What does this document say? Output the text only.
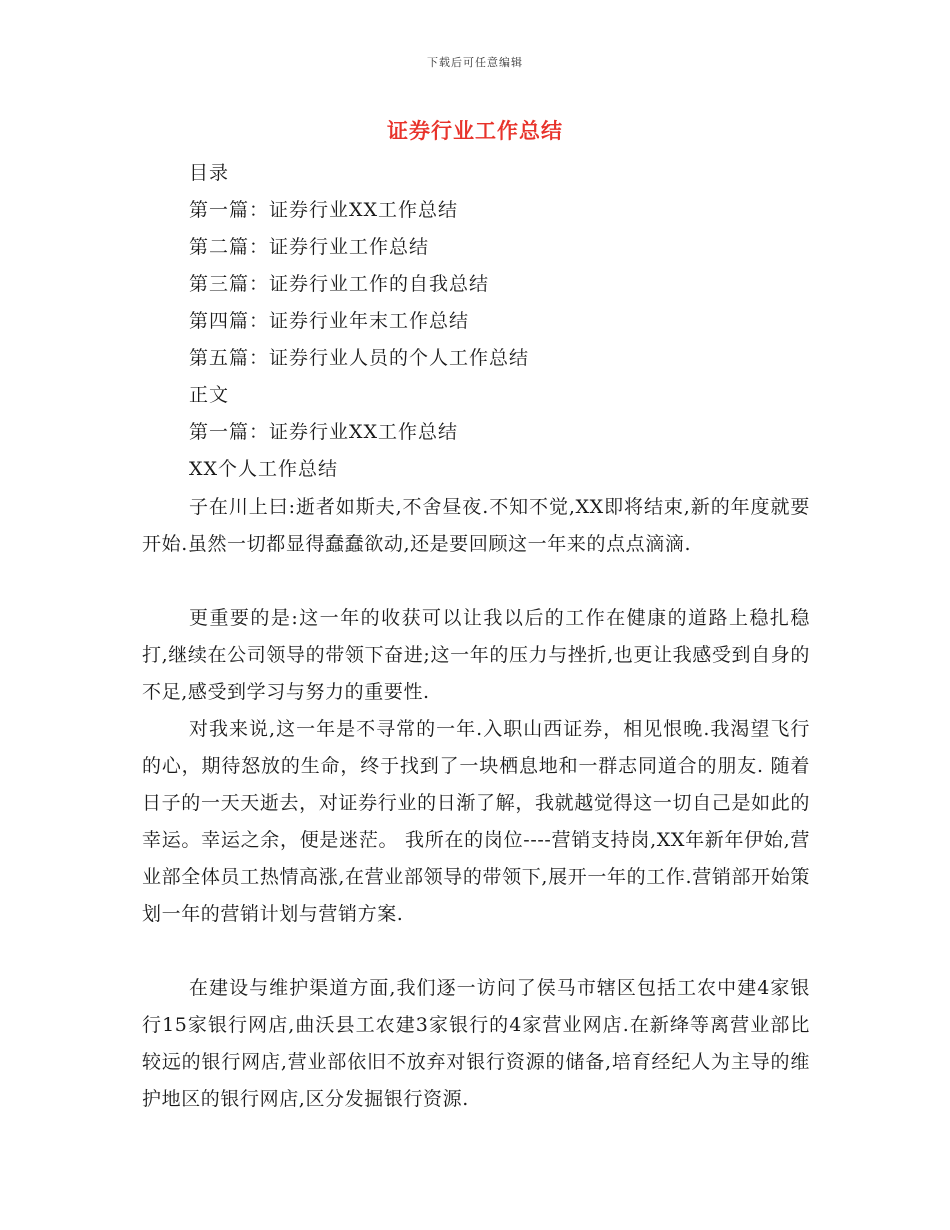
下载后可任意编辑
证券行业工作总结
目录
第一篇：证券行业XX工作总结
第二篇：证券行业工作总结
第三篇：证券行业工作的自我总结
第四篇：证券行业年末工作总结
第五篇：证券行业人员的个人工作总结
正文
第一篇：证券行业XX工作总结
XX个人工作总结

子在川上曰:逝者如斯夫,不舍昼夜.不知不觉,XX即将结束,新的年度就要开始.虽然一切都显得蠢蠢欲动,还是要回顾这一年来的点点滴滴.

更重要的是:这一年的收获可以让我以后的工作在健康的道路上稳扎稳打,继续在公司领导的带领下奋进;这一年的压力与挫折,也更让我感受到自身的不足,感受到学习与努力的重要性.

对我来说,这一年是不寻常的一年.入职山西证券，相见恨晚.我渴望飞行的心，期待怒放的生命，终于找到了一块栖息地和一群志同道合的朋友. 随着日子的一天天逝去，对证券行业的日渐了解，我就越觉得这一切自己是如此的幸运。幸运之余，便是迷茫。 我所在的岗位----营销支持岗,XX年新年伊始,营业部全体员工热情高涨,在营业部领导的带领下,展开一年的工作.营销部开始策划一年的营销计划与营销方案.

在建设与维护渠道方面,我们逐一访问了侯马市辖区包括工农中建4家银行15家银行网店,曲沃县工农建3家银行的4家营业网店.在新绛等离营业部比较远的银行网店,营业部依旧不放弃对银行资源的储备,培育经纪人为主导的维护地区的银行网店,区分发掘银行资源.
